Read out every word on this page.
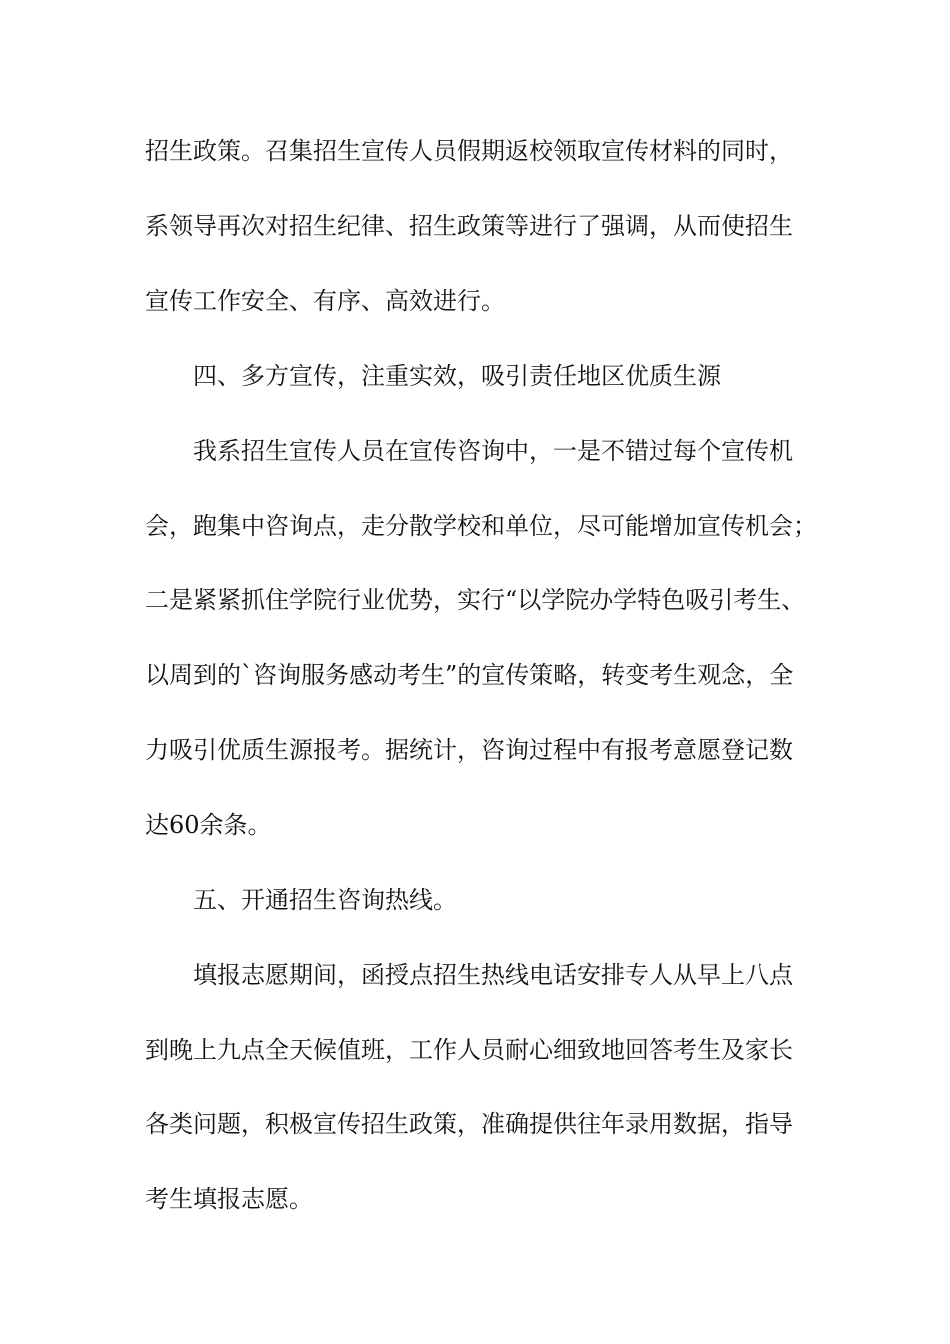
招生政策。召集招生宣传人员假期返校领取宣传材料的同时，
系领导再次对招生纪律、招生政策等进行了强调，从而使招生
宣传工作安全、有序、高效进行。
四、多方宣传，注重实效，吸引责任地区优质生源
我系招生宣传人员在宣传咨询中，一是不错过每个宣传机
会，跑集中咨询点，走分散学校和单位，尽可能增加宣传机会；
二是紧紧抓住学院行业优势，实行“以学院办学特色吸引考生、
以周到的`咨询服务感动考生”的宣传策略，转变考生观念，全
力吸引优质生源报考。据统计，咨询过程中有报考意愿登记数
达60余条。
五、开通招生咨询热线。
填报志愿期间，函授点招生热线电话安排专人从早上八点
到晚上九点全天候值班，工作人员耐心细致地回答考生及家长
各类问题，积极宣传招生政策，准确提供往年录用数据，指导
考生填报志愿。
